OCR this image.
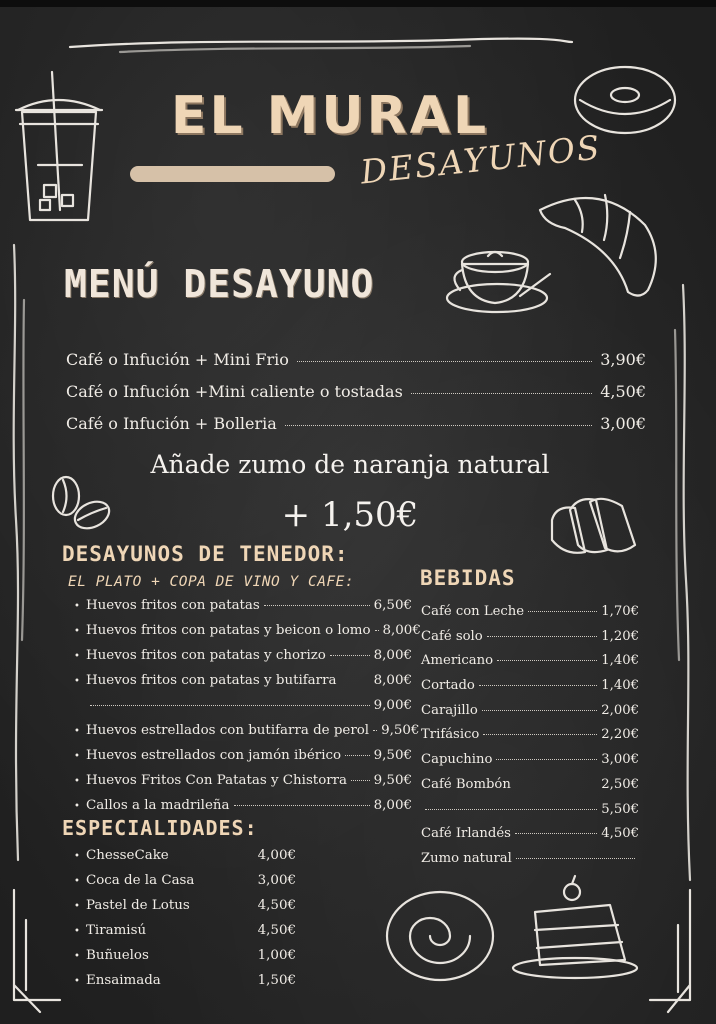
EL MURAL
DESAYUNOS
MENÚ DESAYUNO
Café o Infución + Mini Frio	3,90€
Café o Infución +Mini caliente o tostadas	4,50€
Café o Infución + Bolleria	3,00€
Añade zumo de naranja natural
+ 1,50€
DESAYUNOS DE TENEDOR:
EL PLATO + COPA DE VINO Y CAFE:
• Huevos fritos con patatas	6,50€
• Huevos fritos con patatas y beicon o lomo 8,00€
• Huevos fritos con patatas y chorizo	8,00€
• Huevos fritos con patatas y butifarra	8,00€
9,00€
• Huevos estrellados con butifarra de perol 9,50€
• Huevos estrellados con jamón ibérico 9,50€
• Huevos Fritos Con Patatas y Chistorra 9,50€
• Callos a la madrileña	8,00€
BEBIDAS
Café con Leche	1,70€
Café solo	1,20€
Americano	1,40€
Cortado	1,40€
Carajillo	2,00€
Trifásico	2,20€
Capuchino	3,00€
Café Bombón	2,50€
5,50€
Café Irlandés	4,50€
Zumo natural
ESPECIALIDADES:
• ChesseCake	4,00€
• Coca de la Casa	3,00€
• Pastel de Lotus	4,50€
• Tiramisú	4,50€
• Buñuelos	1,00€
• Ensaimada	1,50€
